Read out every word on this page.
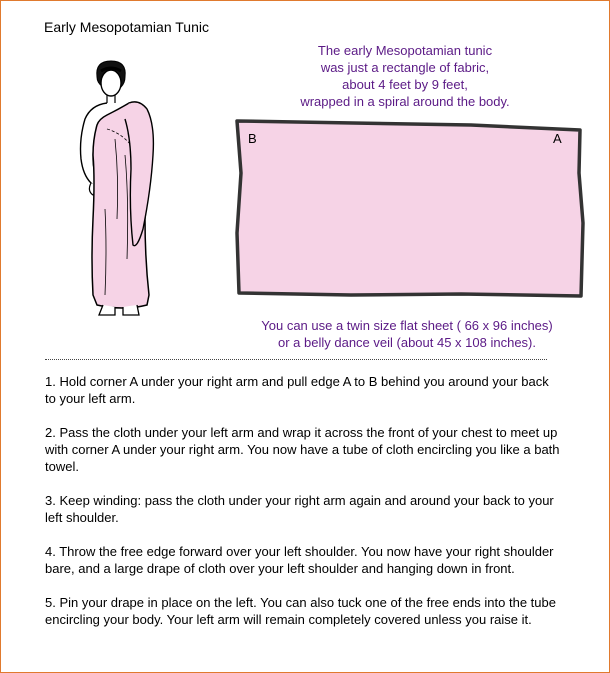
Early Mesopotamian Tunic
The early Mesopotamian tunic
was just a rectangle of fabric,
about 4 feet by 9 feet,
wrapped in a spiral around the body.
B	A
You can use a twin size flat sheet ( 66 x 96 inches)
or a belly dance veil (about 45 x 108 inches).

1. Hold corner A under your right arm and pull edge A to B behind you around your back to your left arm.

2. Pass the cloth under your left arm and wrap it across the front of your chest to meet up with corner A under your right arm. You now have a tube of cloth encircling you like a bath towel.

3. Keep winding: pass the cloth under your right arm again and around your back to your left shoulder.

4. Throw the free edge forward over your left shoulder. You now have your right shoulder bare, and a large drape of cloth over your left shoulder and hanging down in front.

5. Pin your drape in place on the left. You can also tuck one of the free ends into the tube encircling your body. Your left arm will remain completely covered unless you raise it.
